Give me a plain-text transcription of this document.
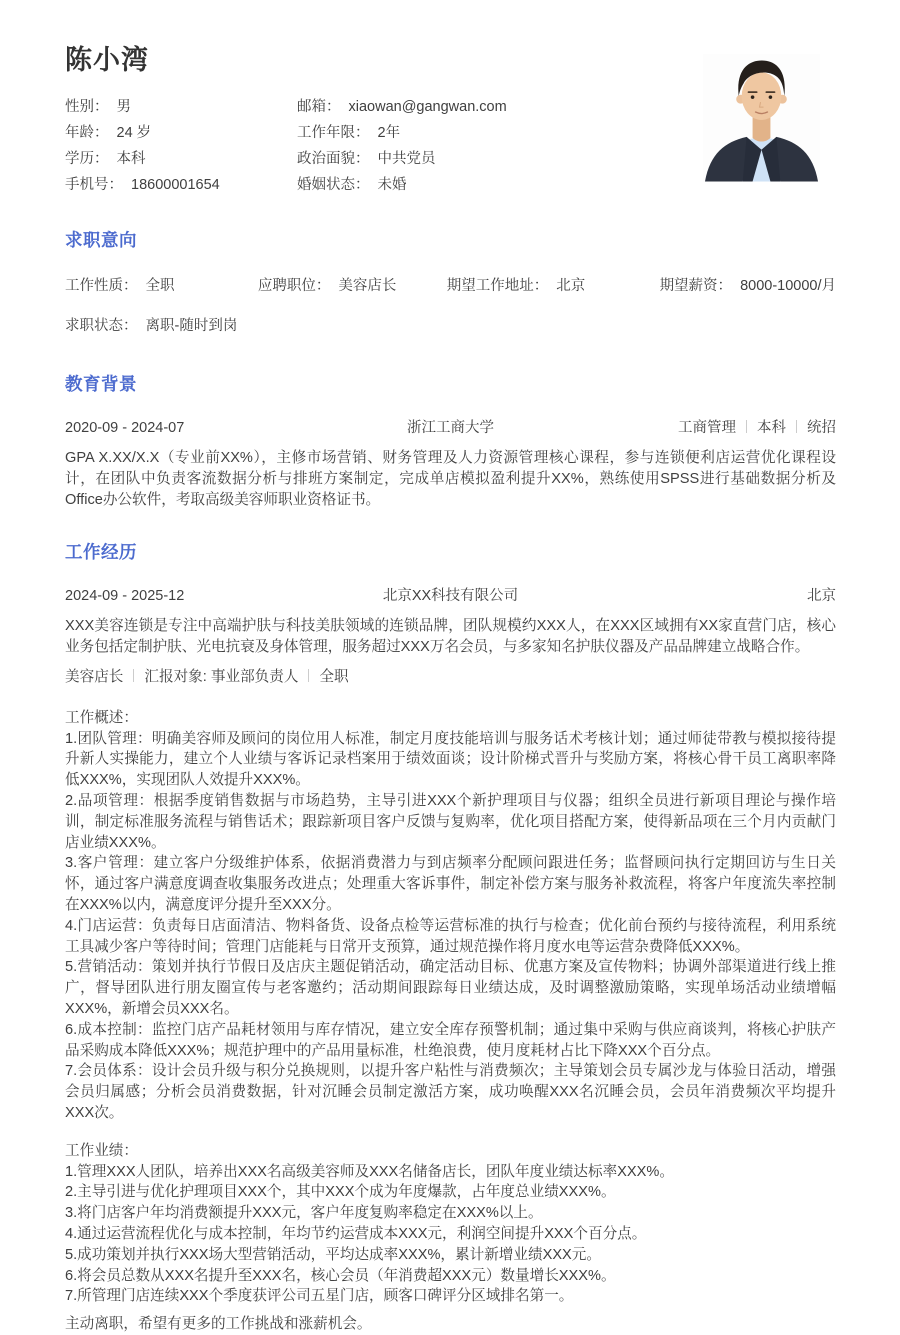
陈小湾
性别： 男
年龄： 24 岁
学历： 本科
手机号： 18600001654
邮箱： xiaowan@gangwan.com
工作年限： 2年
政治面貌： 中共党员
婚姻状态： 未婚
求职意向
工作性质： 全职	应聘职位： 美容店长	期望工作地址： 北京	期望薪资： 8000-10000/月
求职状态： 离职-随时到岗
教育背景
2020-09 - 2024-07	浙江工商大学	工商管理 本科 统招
GPA X.XX/X.X（专业前XX%），主修市场营销、财务管理及人力资源管理核心课程，参与连锁便利店运营优化课程设计，在团队中负责客流数据分析与排班方案制定，完成单店模拟盈利提升XX%，熟练使用SPSS进行基础数据分析及Office办公软件，考取高级美容师职业资格证书。
工作经历
2024-09 - 2025-12	北京XX科技有限公司	北京
XXX美容连锁是专注中高端护肤与科技美肤领域的连锁品牌，团队规模约XXX人，在XXX区域拥有XX家直营门店，核心业务包括定制护肤、光电抗衰及身体管理，服务超过XXX万名会员，与多家知名护肤仪器及产品品牌建立战略合作。
美容店长 汇报对象: 事业部负责人 全职
工作概述：
1.团队管理：明确美容师及顾问的岗位用人标准，制定月度技能培训与服务话术考核计划；通过师徒带教与模拟接待提升新人实操能力，建立个人业绩与客诉记录档案用于绩效面谈；设计阶梯式晋升与奖励方案，将核心骨干员工离职率降低XXX%，实现团队人效提升XXX%。
2.品项管理：根据季度销售数据与市场趋势，主导引进XXX个新护理项目与仪器；组织全员进行新项目理论与操作培训，制定标准服务流程与销售话术；跟踪新项目客户反馈与复购率，优化项目搭配方案，使得新品项在三个月内贡献门店业绩XXX%。
3.客户管理：建立客户分级维护体系，依据消费潜力与到店频率分配顾问跟进任务；监督顾问执行定期回访与生日关怀，通过客户满意度调查收集服务改进点；处理重大客诉事件，制定补偿方案与服务补救流程，将客户年度流失率控制在XXX%以内，满意度评分提升至XXX分。
4.门店运营：负责每日店面清洁、物料备货、设备点检等运营标准的执行与检查；优化前台预约与接待流程，利用系统工具减少客户等待时间；管理门店能耗与日常开支预算，通过规范操作将月度水电等运营杂费降低XXX%。
5.营销活动：策划并执行节假日及店庆主题促销活动，确定活动目标、优惠方案及宣传物料；协调外部渠道进行线上推广，督导团队进行朋友圈宣传与老客邀约；活动期间跟踪每日业绩达成，及时调整激励策略，实现单场活动业绩增幅XXX%，新增会员XXX名。
6.成本控制：监控门店产品耗材领用与库存情况，建立安全库存预警机制；通过集中采购与供应商谈判，将核心护肤产品采购成本降低XXX%；规范护理中的产品用量标准，杜绝浪费，使月度耗材占比下降XXX个百分点。
7.会员体系：设计会员升级与积分兑换规则，以提升客户粘性与消费频次；主导策划会员专属沙龙与体验日活动，增强会员归属感；分析会员消费数据，针对沉睡会员制定激活方案，成功唤醒XXX名沉睡会员，会员年消费频次平均提升XXX次。
工作业绩：
1.管理XXX人团队，培养出XXX名高级美容师及XXX名储备店长，团队年度业绩达标率XXX%。
2.主导引进与优化护理项目XXX个，其中XXX个成为年度爆款，占年度总业绩XXX%。
3.将门店客户年均消费额提升XXX元，客户年度复购率稳定在XXX%以上。
4.通过运营流程优化与成本控制，年均节约运营成本XXX元，利润空间提升XXX个百分点。
5.成功策划并执行XXX场大型营销活动，平均达成率XXX%，累计新增业绩XXX元。
6.将会员总数从XXX名提升至XXX名，核心会员（年消费超XXX元）数量增长XXX%。
7.所管理门店连续XXX个季度获评公司五星门店，顾客口碑评分区域排名第一。
主动离职，希望有更多的工作挑战和涨薪机会。
